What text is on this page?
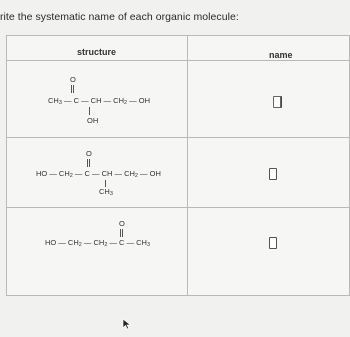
rite the systematic name of each organic molecule:
structure	name
O
$CH_3$ — C — CH — $CH_2$ — OH
OH
O
HO — $CH_2$ — C — CH — $CH_2$ — OH
$CH_3$
O
HO — $CH_2$ — $CH_2$ — C — $CH_3$
